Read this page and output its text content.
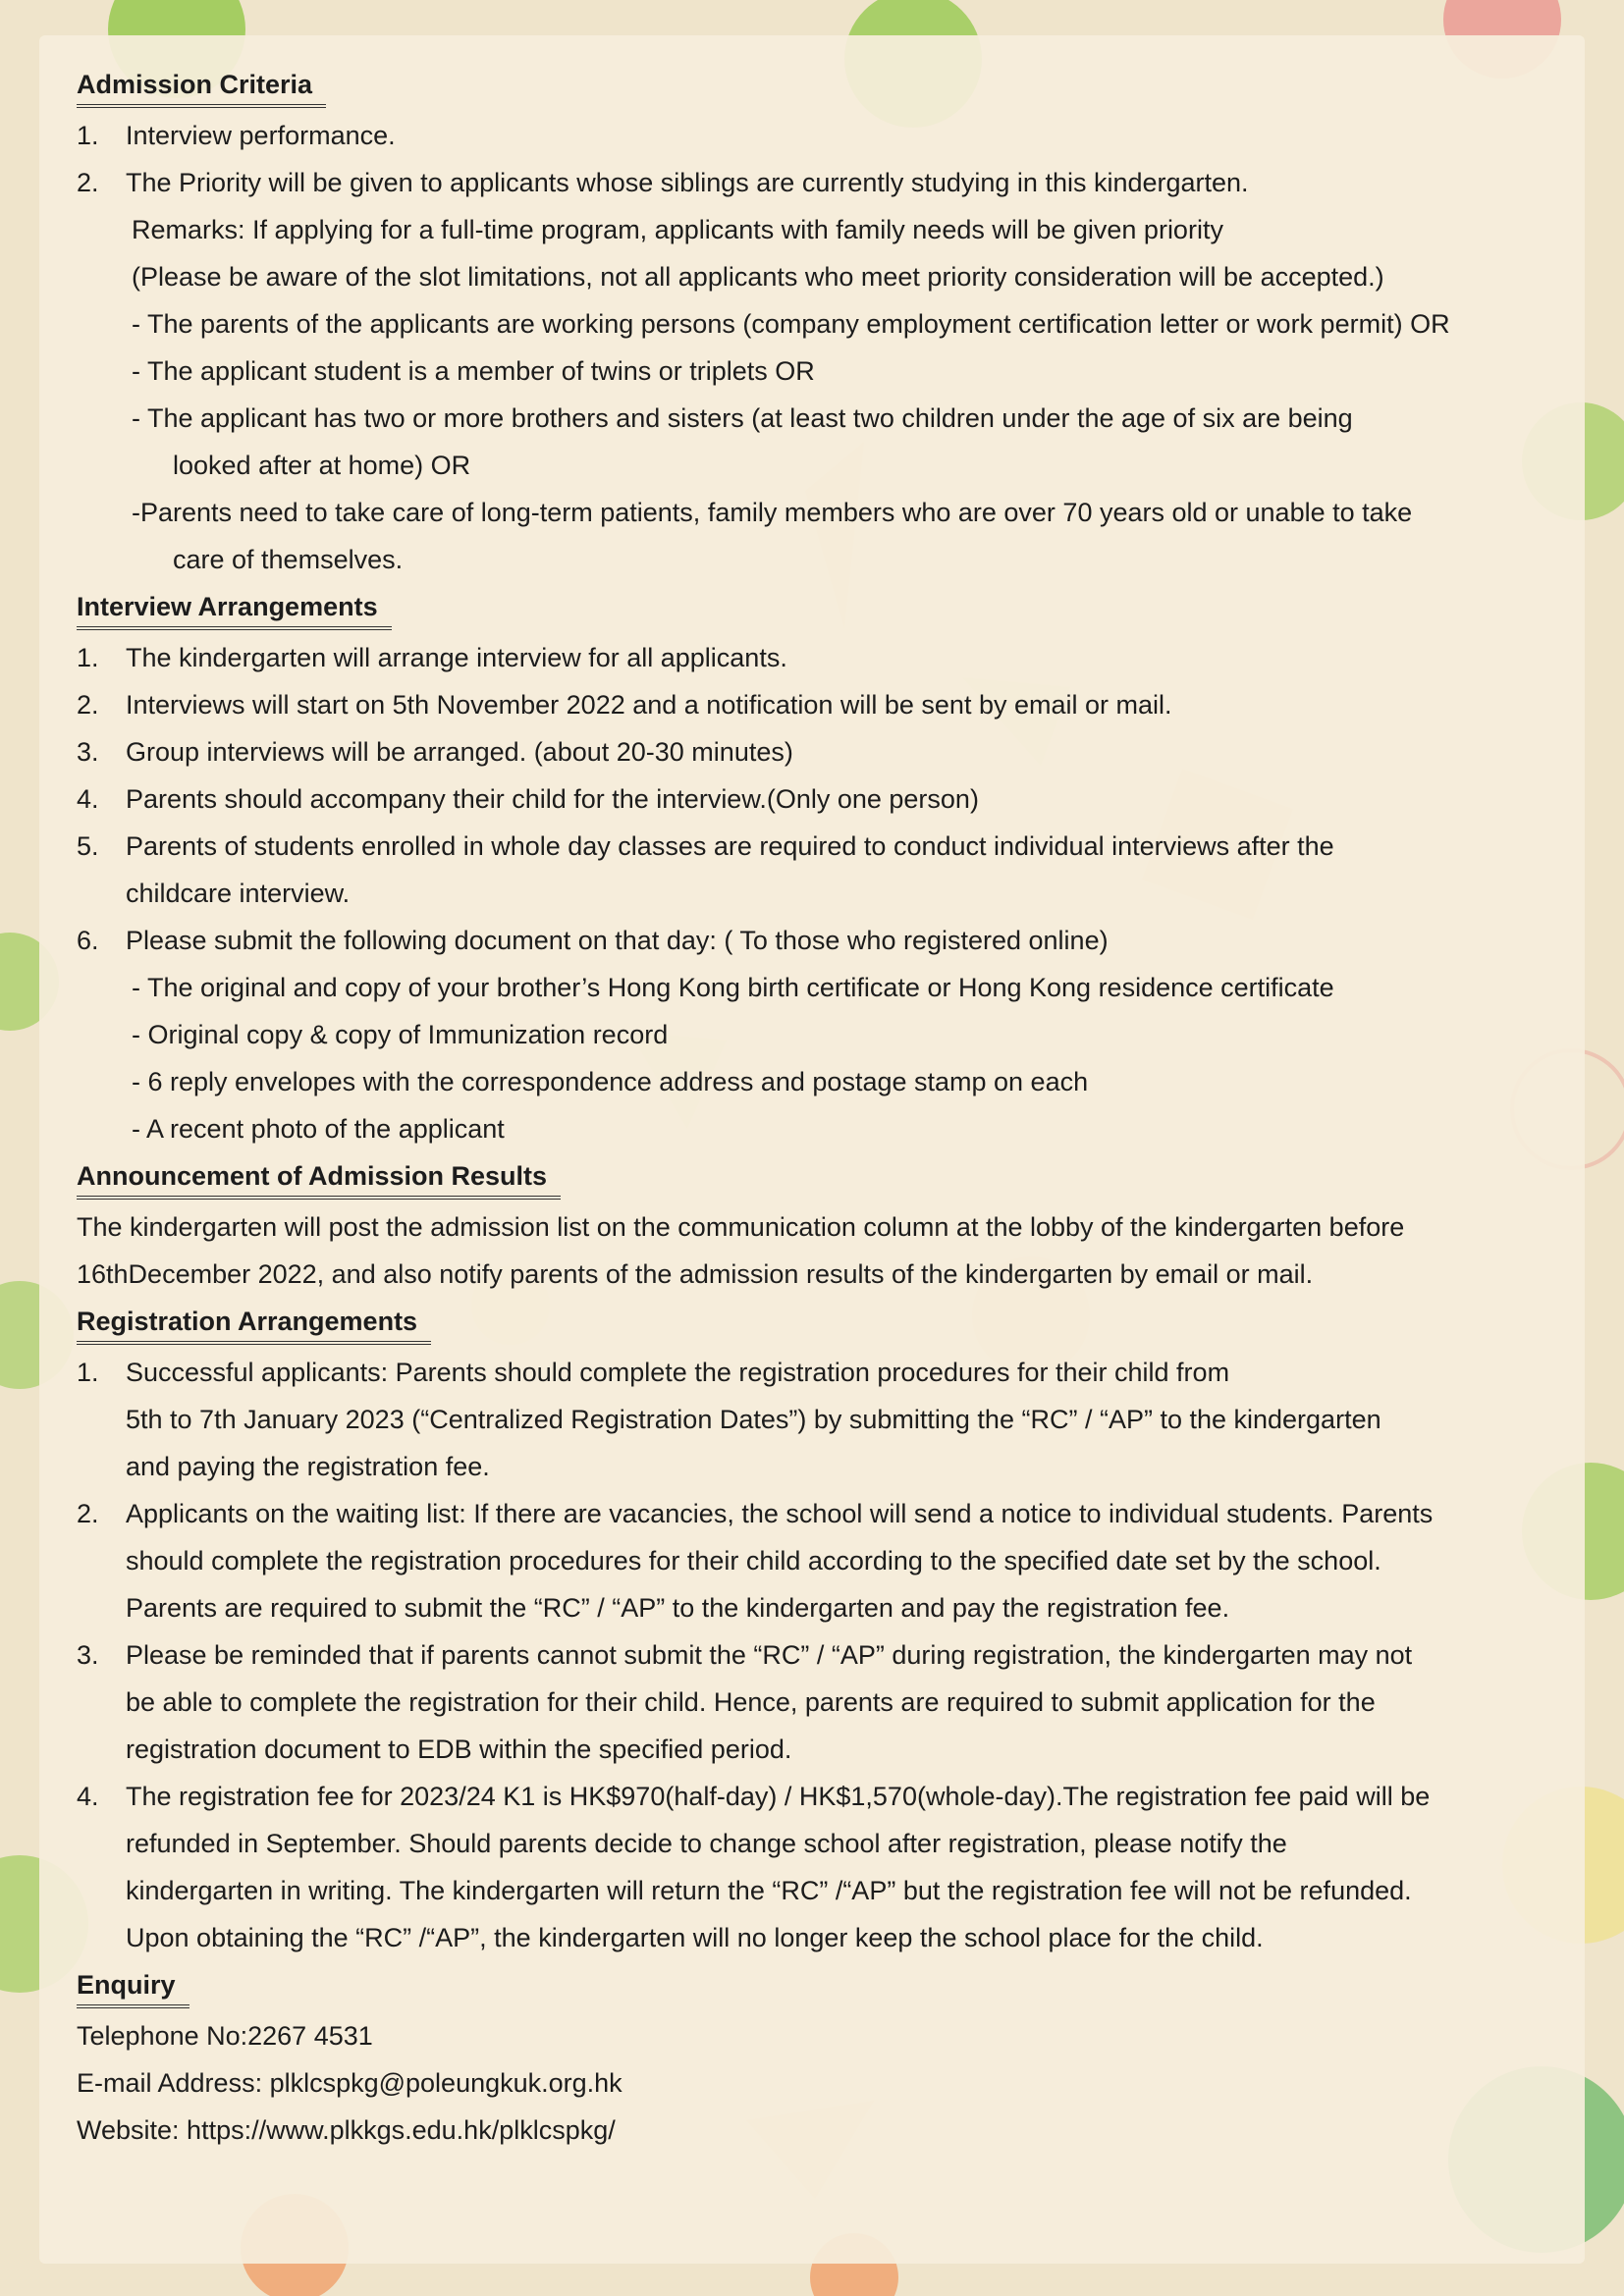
Admission Criteria
1. Interview performance.
2. The Priority will be given to applicants whose siblings are currently studying in this kindergarten.
Remarks: If applying for a full-time program, applicants with family needs will be given priority
(Please be aware of the slot limitations, not all applicants who meet priority consideration will be accepted.)
- The parents of the applicants are working persons (company employment certification letter or work permit) OR
- The applicant student is a member of twins or triplets OR
- The applicant has two or more brothers and sisters (at least two children under the age of six are being
looked after at home) OR
-Parents need to take care of long-term patients, family members who are over 70 years old or unable to take
care of themselves.
Interview Arrangements
1. The kindergarten will arrange interview for all applicants.
2. Interviews will start on 5th November 2022 and a notification will be sent by email or mail.
3. Group interviews will be arranged. (about 20-30 minutes)
4. Parents should accompany their child for the interview.(Only one person)
5. Parents of students enrolled in whole day classes are required to conduct individual interviews after the
childcare interview.
6. Please submit the following document on that day: ( To those who registered online)
- The original and copy of your brother’s Hong Kong birth certificate or Hong Kong residence certificate
- Original copy & copy of Immunization record
- 6 reply envelopes with the correspondence address and postage stamp on each
- A recent photo of the applicant
Announcement of Admission Results
The kindergarten will post the admission list on the communication column at the lobby of the kindergarten before
16thDecember 2022, and also notify parents of the admission results of the kindergarten by email or mail.
Registration Arrangements
1. Successful applicants: Parents should complete the registration procedures for their child from
5th to 7th January 2023 (“Centralized Registration Dates”) by submitting the “RC” / “AP” to the kindergarten
and paying the registration fee.
2. Applicants on the waiting list: If there are vacancies, the school will send a notice to individual students. Parents
should complete the registration procedures for their child according to the specified date set by the school.
Parents are required to submit the “RC” / “AP” to the kindergarten and pay the registration fee.
3. Please be reminded that if parents cannot submit the “RC” / “AP” during registration, the kindergarten may not
be able to complete the registration for their child. Hence, parents are required to submit application for the
registration document to EDB within the specified period.
4. The registration fee for 2023/24 K1 is HK$970(half-day) / HK$1,570(whole-day).The registration fee paid will be
refunded in September. Should parents decide to change school after registration, please notify the
kindergarten in writing. The kindergarten will return the “RC” /“AP” but the registration fee will not be refunded.
Upon obtaining the “RC” /“AP”, the kindergarten will no longer keep the school place for the child.
Enquiry
Telephone No:2267 4531
E-mail Address: plklcspkg@poleungkuk.org.hk
Website: https://www.plkkgs.edu.hk/plklcspkg/
